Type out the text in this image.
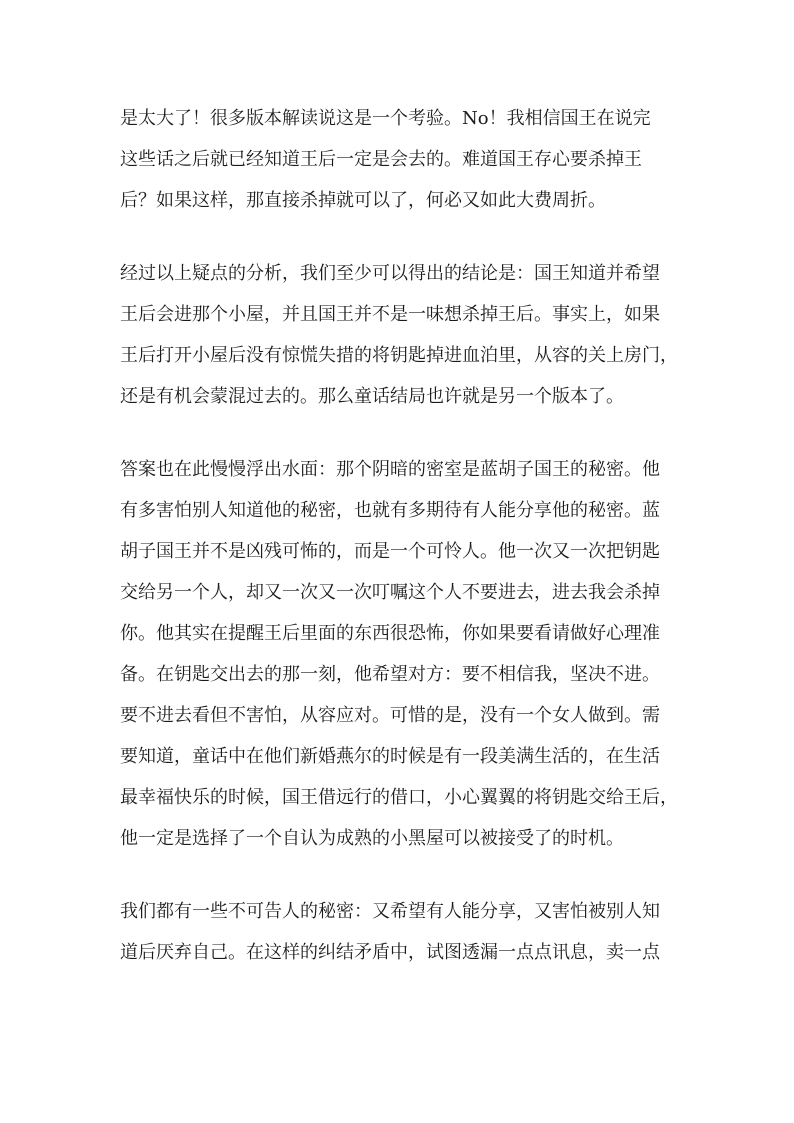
是太大了！很多版本解读说这是一个考验。No！我相信国王在说完
这些话之后就已经知道王后一定是会去的。难道国王存心要杀掉王
后？如果这样，那直接杀掉就可以了，何必又如此大费周折。
经过以上疑点的分析，我们至少可以得出的结论是：国王知道并希望
王后会进那个小屋，并且国王并不是一味想杀掉王后。事实上，如果
王后打开小屋后没有惊慌失措的将钥匙掉进血泊里，从容的关上房门，
还是有机会蒙混过去的。那么童话结局也许就是另一个版本了。
答案也在此慢慢浮出水面：那个阴暗的密室是蓝胡子国王的秘密。他
有多害怕别人知道他的秘密，也就有多期待有人能分享他的秘密。蓝
胡子国王并不是凶残可怖的，而是一个可怜人。他一次又一次把钥匙
交给另一个人，却又一次又一次叮嘱这个人不要进去，进去我会杀掉
你。他其实在提醒王后里面的东西很恐怖，你如果要看请做好心理准
备。在钥匙交出去的那一刻，他希望对方：要不相信我，坚决不进。
要不进去看但不害怕，从容应对。可惜的是，没有一个女人做到。需
要知道，童话中在他们新婚燕尔的时候是有一段美满生活的，在生活
最幸福快乐的时候，国王借远行的借口，小心翼翼的将钥匙交给王后，
他一定是选择了一个自认为成熟的小黑屋可以被接受了的时机。
我们都有一些不可告人的秘密：又希望有人能分享，又害怕被别人知
道后厌弃自己。在这样的纠结矛盾中，试图透漏一点点讯息，卖一点
